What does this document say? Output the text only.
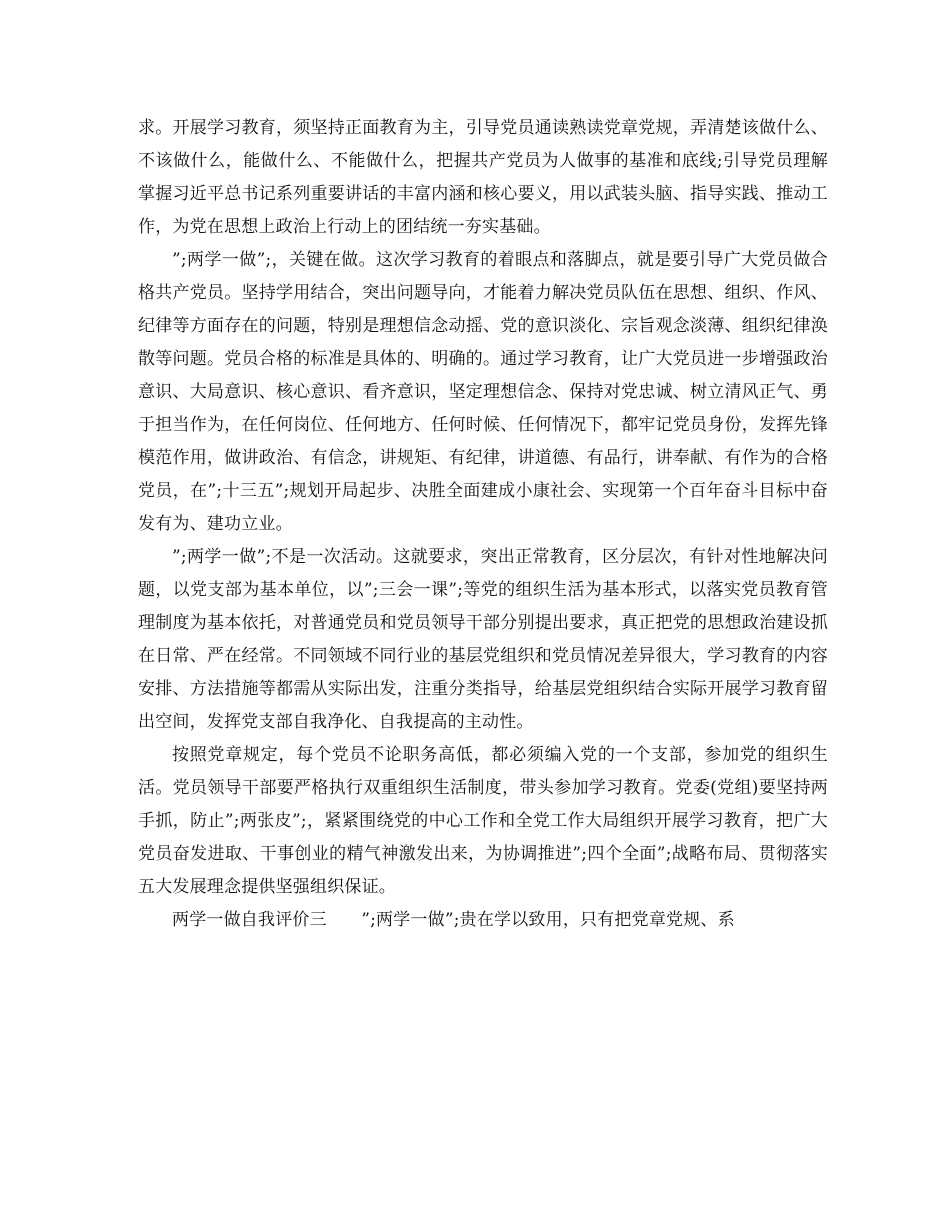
求。开展学习教育，须坚持正面教育为主，引导党员通读熟读党章党规，弄清楚该做什么、不该做什么，能做什么、不能做什么，把握共产党员为人做事的基准和底线;引导党员理解掌握习近平总书记系列重要讲话的丰富内涵和核心要义，用以武装头脑、指导实践、推动工作，为党在思想上政治上行动上的团结统一夯实基础。

”;两学一做”;，关键在做。这次学习教育的着眼点和落脚点，就是要引导广大党员做合格共产党员。坚持学用结合，突出问题导向，才能着力解决党员队伍在思想、组织、作风、纪律等方面存在的问题，特别是理想信念动摇、党的意识淡化、宗旨观念淡薄、组织纪律涣散等问题。党员合格的标准是具体的、明确的。通过学习教育，让广大党员进一步增强政治意识、大局意识、核心意识、看齐意识，坚定理想信念、保持对党忠诚、树立清风正气、勇于担当作为，在任何岗位、任何地方、任何时候、任何情况下，都牢记党员身份，发挥先锋模范作用，做讲政治、有信念，讲规矩、有纪律，讲道德、有品行，讲奉献、有作为的合格党员，在”;十三五”;规划开局起步、决胜全面建成小康社会、实现第一个百年奋斗目标中奋发有为、建功立业。

”;两学一做”;不是一次活动。这就要求，突出正常教育，区分层次，有针对性地解决问题，以党支部为基本单位，以”;三会一课”;等党的组织生活为基本形式，以落实党员教育管理制度为基本依托，对普通党员和党员领导干部分别提出要求，真正把党的思想政治建设抓在日常、严在经常。不同领域不同行业的基层党组织和党员情况差异很大，学习教育的内容安排、方法措施等都需从实际出发，注重分类指导，给基层党组织结合实际开展学习教育留出空间，发挥党支部自我净化、自我提高的主动性。

按照党章规定，每个党员不论职务高低，都必须编入党的一个支部，参加党的组织生活。党员领导干部要严格执行双重组织生活制度，带头参加学习教育。党委(党组)要坚持两手抓，防止”;两张皮”;，紧紧围绕党的中心工作和全党工作大局组织开展学习教育，把广大党员奋发进取、干事创业的精气神激发出来，为协调推进”;四个全面”;战略布局、贯彻落实五大发展理念提供坚强组织保证。

两学一做自我评价三　　”;两学一做”;贵在学以致用，只有把党章党规、系
